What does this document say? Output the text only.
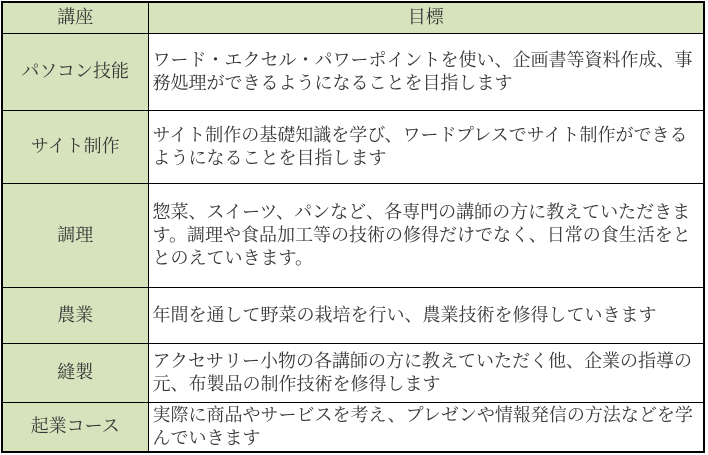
講座	目標
パソコン技能	ワード・エクセル・パワーポイントを使い、企画書等資料作成、事務処理ができるようになることを目指します
サイト制作	サイト制作の基礎知識を学び、ワードプレスでサイト制作ができるようになることを目指します
調理	惣菜、スイーツ、パンなど、各専門の講師の方に教えていただきます。調理や食品加工等の技術の修得だけでなく、日常の食生活をととのえていきます。
農業	年間を通して野菜の栽培を行い、農業技術を修得していきます
縫製	アクセサリー小物の各講師の方に教えていただく他、企業の指導の元、布製品の制作技術を修得します
起業コース	実際に商品やサービスを考え、プレゼンや情報発信の方法などを学んでいきます
